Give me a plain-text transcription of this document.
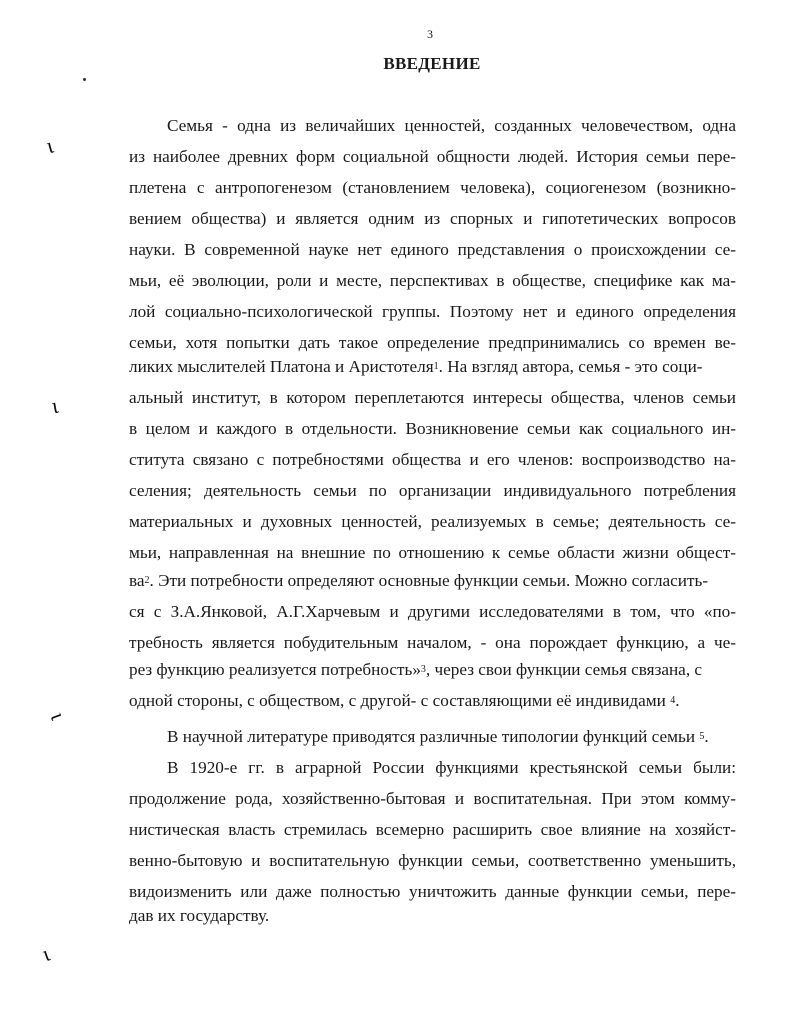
3
ВВЕДЕНИЕ
Семья - одна из величайших ценностей, созданных человечеством, одна
из наиболее древних форм социальной общности людей. История семьи пере-
плетена с антропогенезом (становлением человека), социогенезом (возникно-
вением общества) и является одним из спорных и гипотетических вопросов
науки. В современной науке нет единого представления о происхождении се-
мьи, её эволюции, роли и месте, перспективах в обществе, специфике как ма-
лой социально-психологической группы. Поэтому нет и единого определения
семьи, хотя попытки дать такое определение предпринимались со времен ве-
ликих мыслителей Платона и Аристотеля$^1$. На взгляд автора, семья - это соци-
альный институт, в котором переплетаются интересы общества, членов семьи
в целом и каждого в отдельности. Возникновение семьи как социального ин-
ститута связано с потребностями общества и его членов: воспроизводство на-
селения; деятельность семьи по организации индивидуального потребления
материальных и духовных ценностей, реализуемых в семье; деятельность се-
мьи, направленная на внешние по отношению к семье области жизни общест-
$ва^2$. Эти потребности определяют основные функции семьи. Можно согласить-
ся с З.А.Янковой, А.Г.Харчевым и другими исследователями в том, что «по-
требность является побудительным началом, - она порождает функцию, а че-
рез функцию реализуется потребность»$^3$, через свои функции семья связана, с
одной стороны, с обществом, с другой- с составляющими её индивидами $^4$.
В научной литературе приводятся различные типологии функций семьи $^5$.
В 1920-е гг. в аграрной России функциями крестьянской семьи были:
продолжение рода, хозяйственно-бытовая и воспитательная. При этом комму-
нистическая власть стремилась всемерно расширить свое влияние на хозяйст-
венно-бытовую и воспитательную функции семьи, соответственно уменьшить,
видоизменить или даже полностью уничтожить данные функции семьи, пере-
дав их государству.
ɩ
ɩ
ɩ
ɩ
